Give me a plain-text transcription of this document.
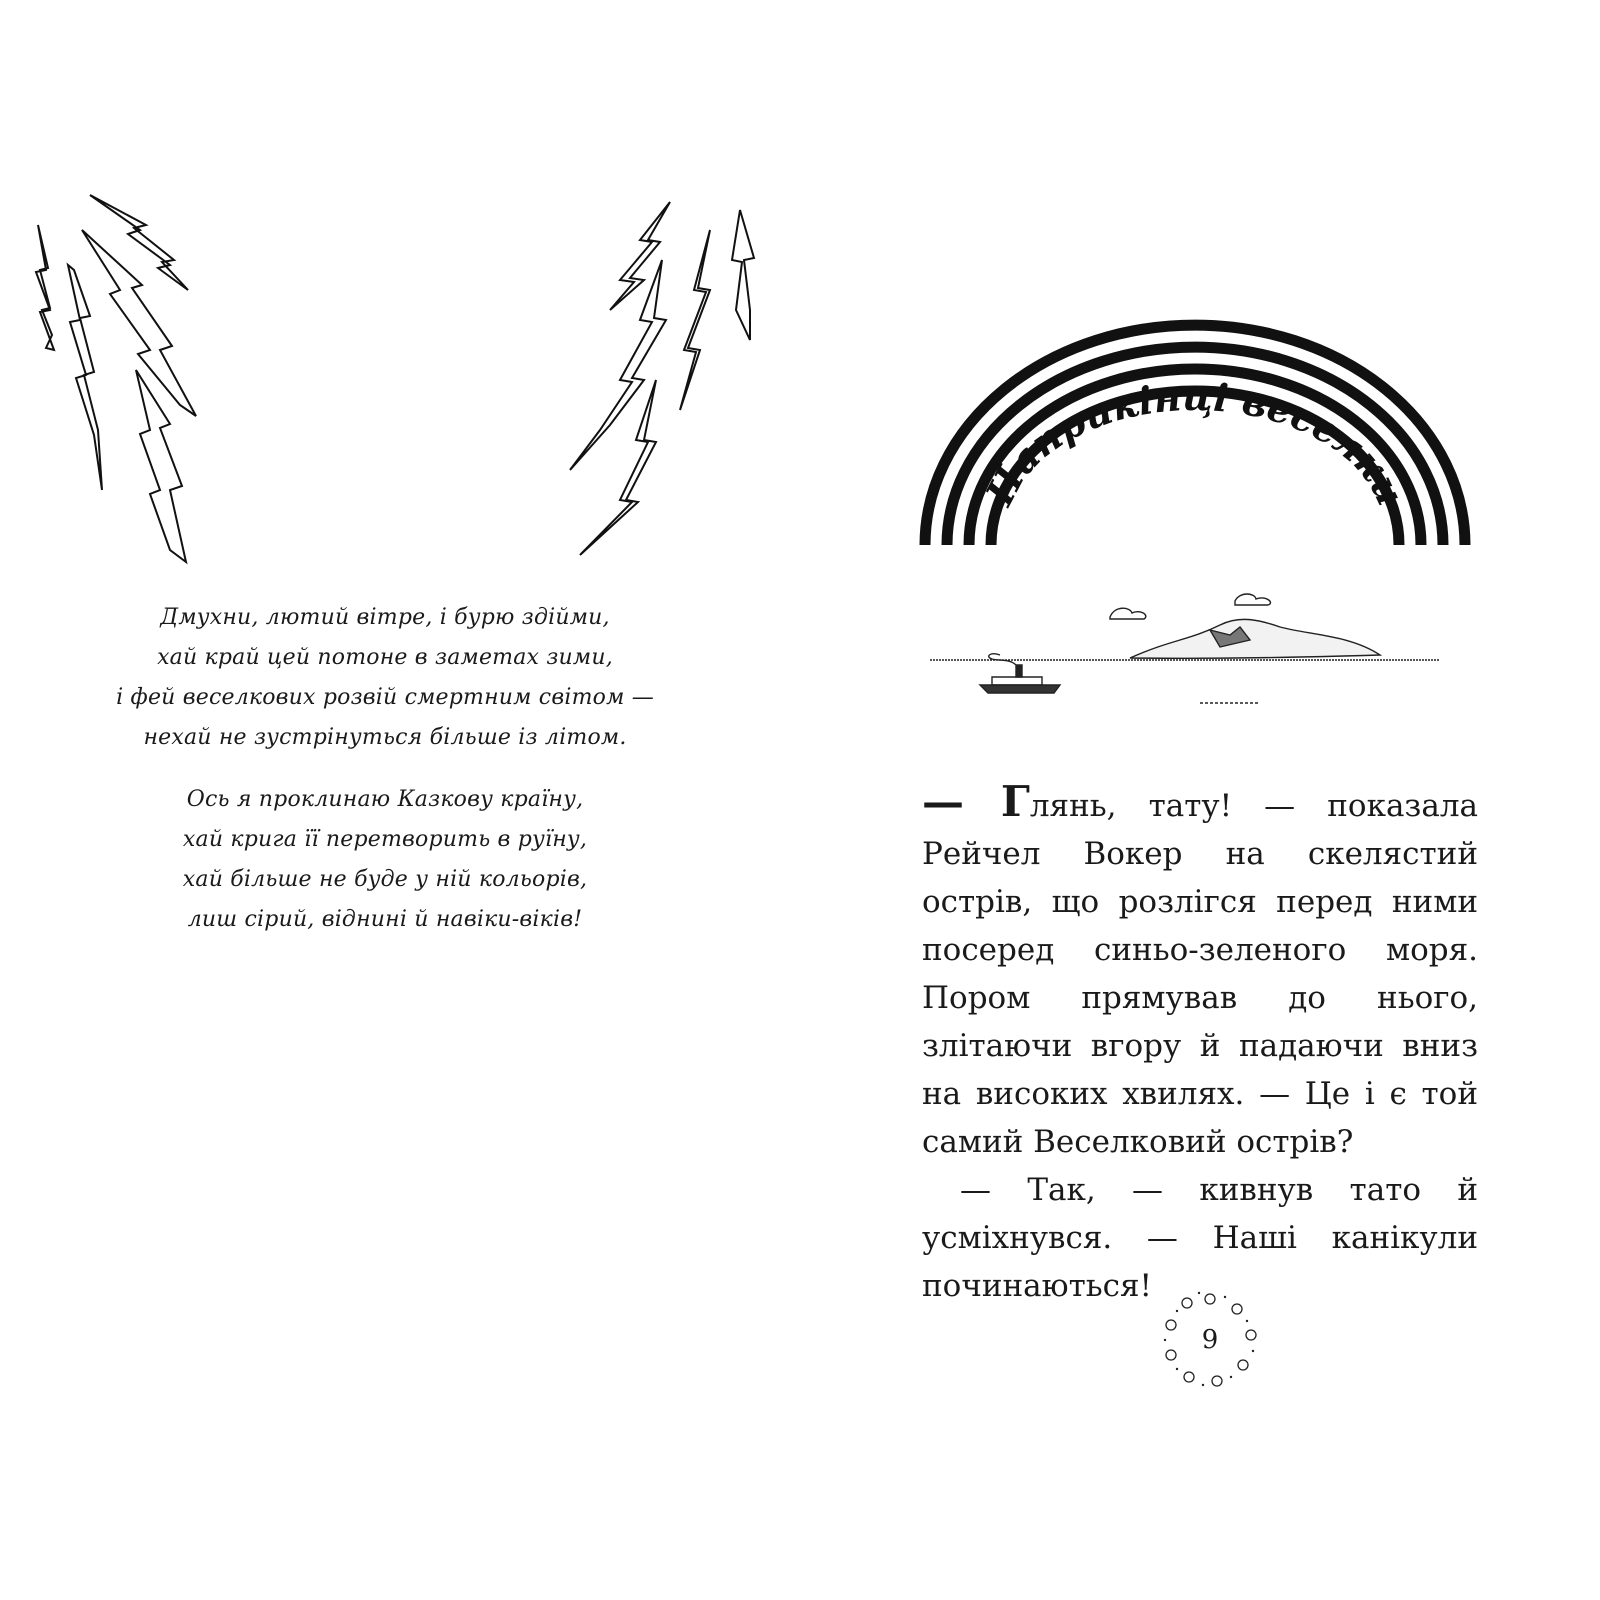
Дмухни, лютий вітре, і бурю здійми,
хай край цей потоне в заметах зими,
і фей веселкових розвій смертним світом —
нехай не зустрінуться більше із літом.
Ось я проклинаю Казкову країну,
хай крига її перетворить в руїну,
хай більше не буде у ній кольорів,
лиш сірий, віднині й навіки-віків!
Наприкінці веселки

— Глянь, тату! — показала Рейчел Вокер на скелястий острів, що розлігся перед ними посеред синьо-зеленого моря. Пором прямував до нього, злітаючи вгору й падаючи вниз на високих хвилях. — Це і є той самий Веселковий острів?

— Так, — кивнув тато й усміхнувся. — Наші канікули починаються!

9
